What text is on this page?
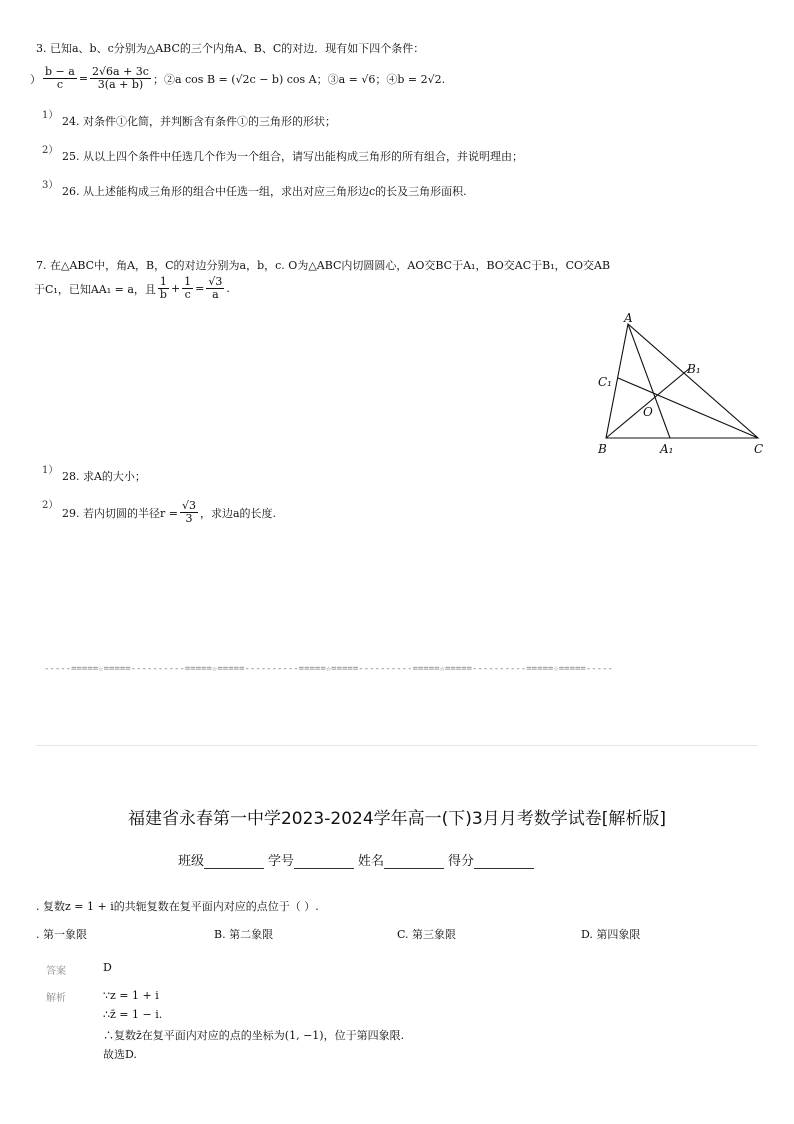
3. 已知a、b、c分别为△ABC的三个内角A、B、C的对边．现有如下四个条件：
） $\frac{b - a}{c} = \frac{2√6a + 3c}{3(a + b)}$ ；②a cos B = (√2c − b) cos A；③a = √6；④b = 2√2.
1） 24. 对条件①化简，并判断含有条件①的三角形的形状；
2） 25. 从以上四个条件中任选几个作为一个组合，请写出能构成三角形的所有组合，并说明理由；
3） 26. 从上述能构成三角形的组合中任选一组，求出对应三角形边c的长及三角形面积.
7. 在△ABC中，角A，B，C的对边分别为a，b，c. O为△ABC内切圆圆心，AO交BC于A₁，BO交AC于B₁，CO交AB
于C₁，已知AA₁ = a，且 $\frac{1}{b} + \frac{1}{c} = \frac{√3}{a}$ .
A
B	C
A₁
B₁
C₁
O
1） 28. 求A的大小；
2）
29. 若内切圆的半径$r = \frac{√3}{3}$ ，求边a的长度.
-----=====☆=====----------=====☆=====----------=====☆=====----------=====☆=====----------=====☆=====-----
福建省永春第一中学2023-2024学年高一(下)3月月考数学试卷[解析版]
班级	学号	姓名	得分
. 复数z = 1 + i的共轭复数在复平面内对应的点位于（ ）.
. 第一象限	B. 第二象限	C. 第三象限	D. 第四象限
答案	D
解析	∵z = 1 + i
∴z̄ = 1 − i.
∴复数z̄在复平面内对应的点的坐标为(1, −1)，位于第四象限.
故选D.
